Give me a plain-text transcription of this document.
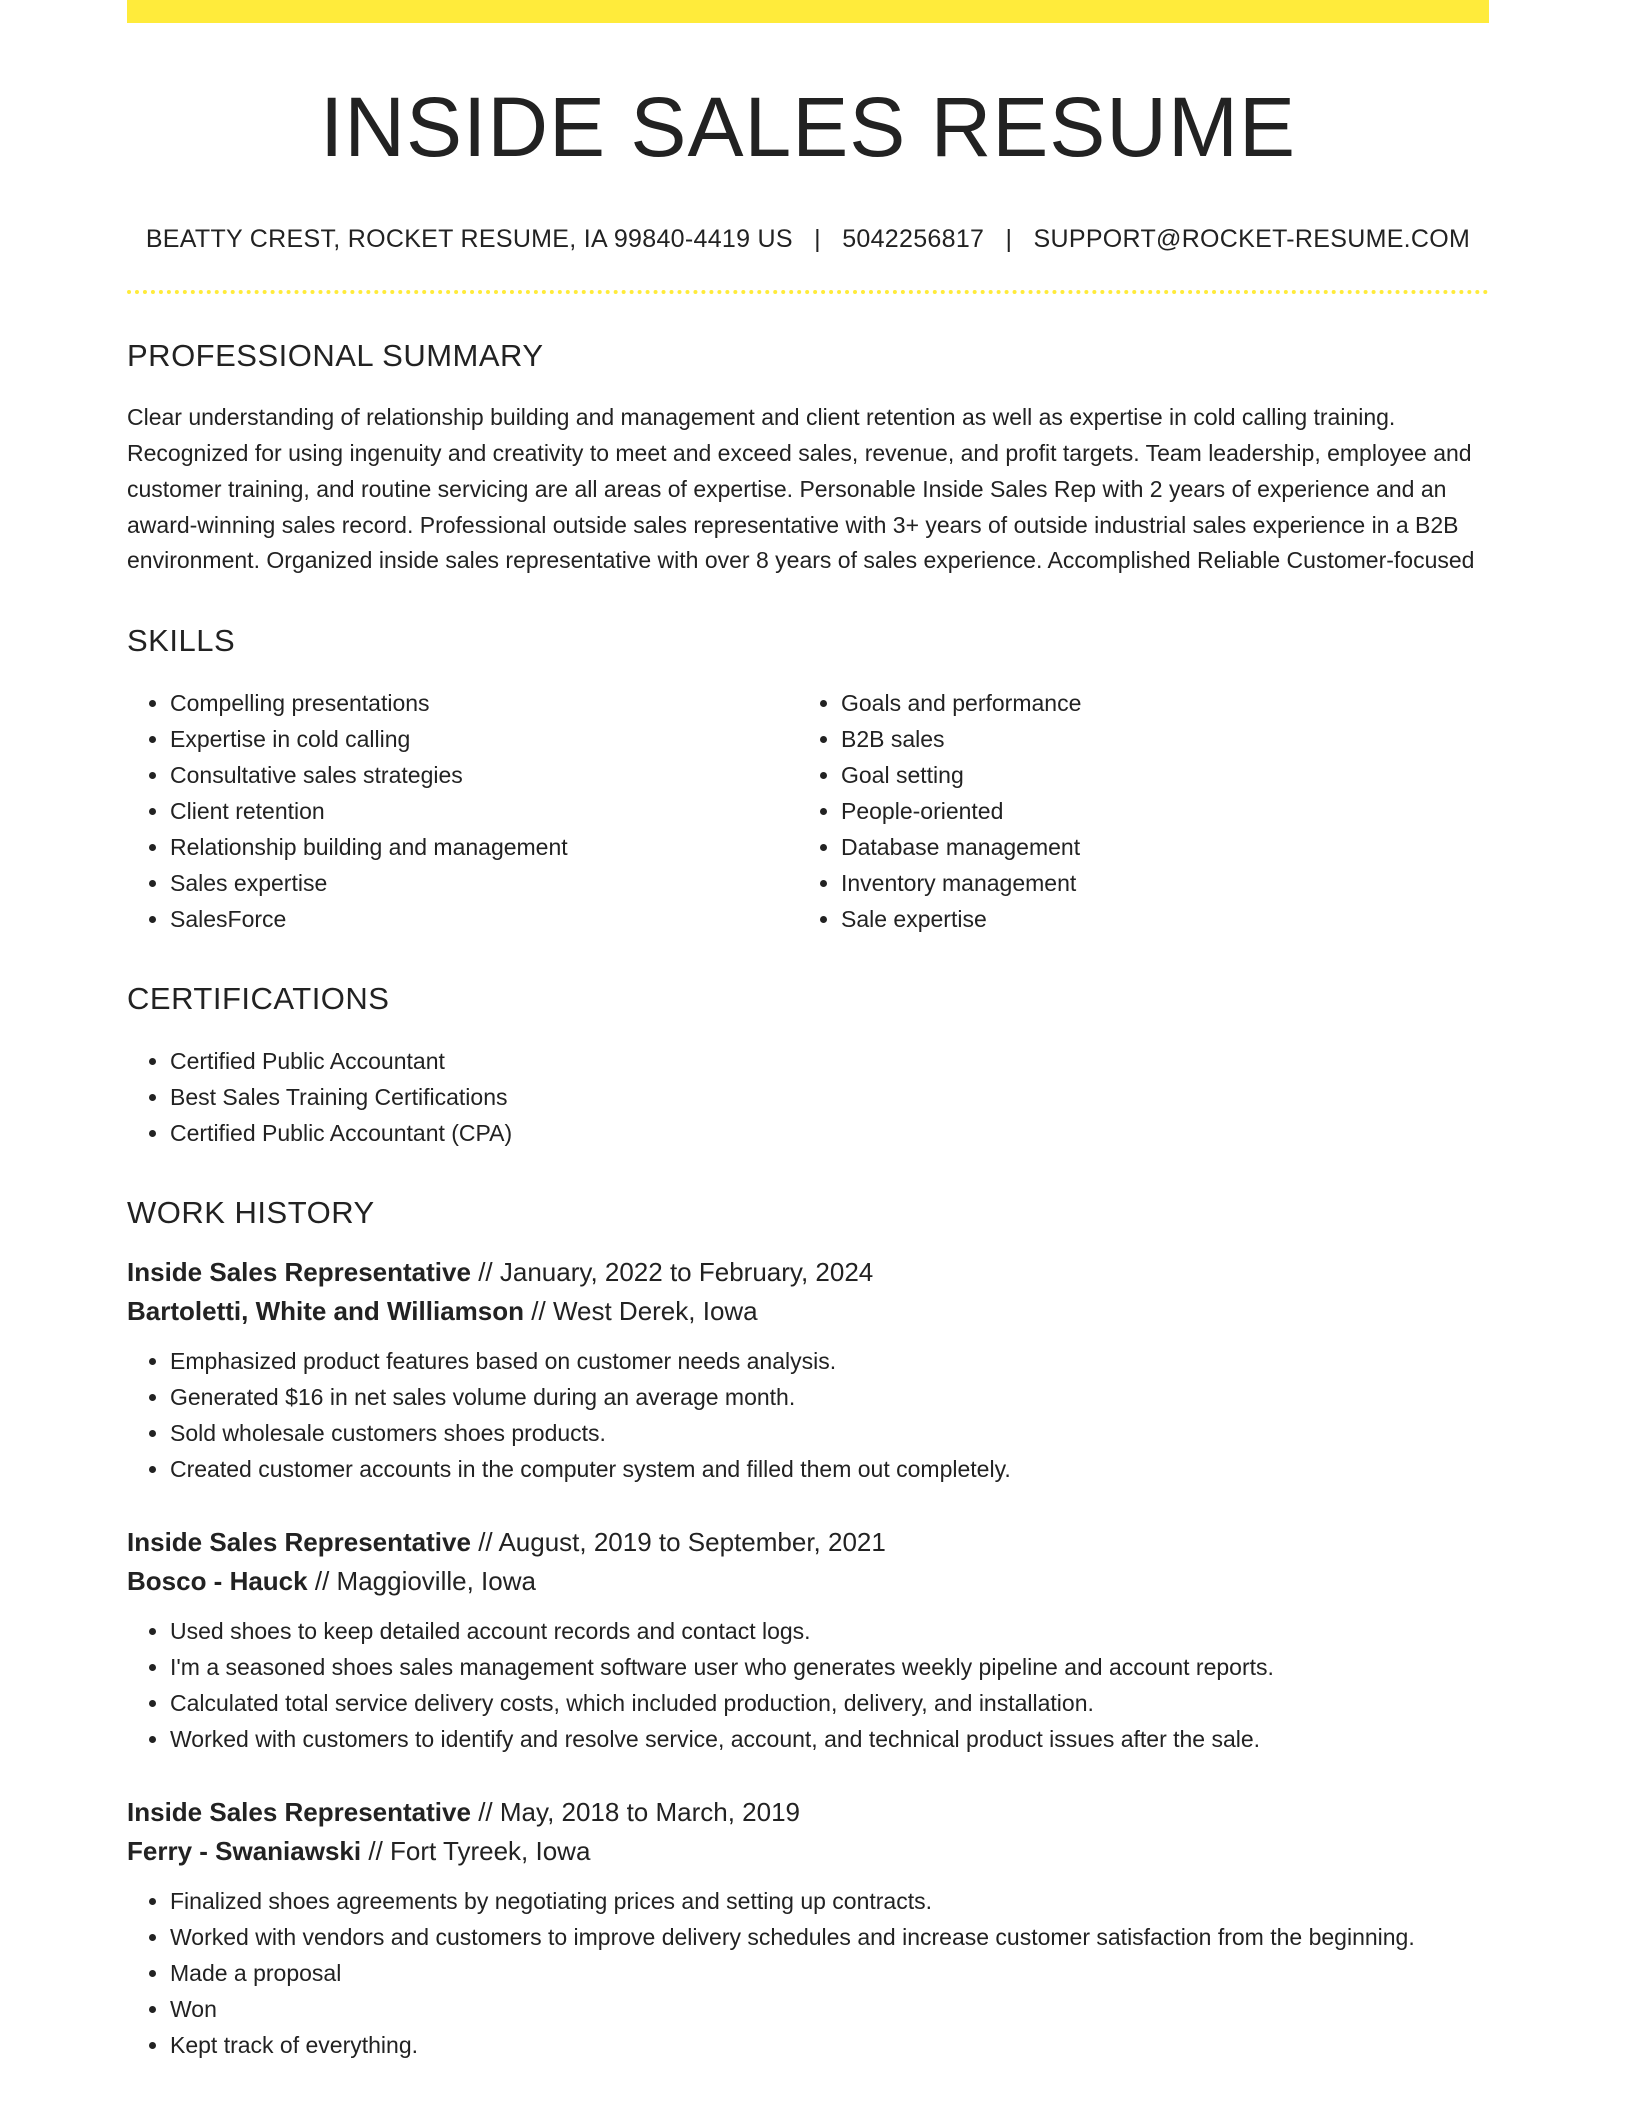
INSIDE SALES RESUME
BEATTY CREST, ROCKET RESUME, IA 99840-4419 US | 5042256817 | SUPPORT@ROCKET-RESUME.COM
PROFESSIONAL SUMMARY

Clear understanding of relationship building and management and client retention as well as expertise in cold calling training. Recognized for using ingenuity and creativity to meet and exceed sales, revenue, and profit targets. Team leadership, employee and customer training, and routine servicing are all areas of expertise. Personable Inside Sales Rep with 2 years of experience and an award-winning sales record. Professional outside sales representative with 3+ years of outside industrial sales experience in a B2B environment. Organized inside sales representative with over 8 years of sales experience. Accomplished Reliable Customer-focused

SKILLS
• Compelling presentations
• Expertise in cold calling
• Consultative sales strategies
• Client retention
• Relationship building and management
• Sales expertise
• SalesForce
• Goals and performance
• B2B sales
• Goal setting
• People-oriented
• Database management
• Inventory management
• Sale expertise
CERTIFICATIONS
• Certified Public Accountant
• Best Sales Training Certifications
• Certified Public Accountant (CPA)
WORK HISTORY

Inside Sales Representative // January, 2022 to February, 2024

Bartoletti, White and Williamson // West Derek, Iowa

• Emphasized product features based on customer needs analysis.
• Generated $16 in net sales volume during an average month.
• Sold wholesale customers shoes products.
• Created customer accounts in the computer system and filled them out completely.

Inside Sales Representative // August, 2019 to September, 2021

Bosco - Hauck // Maggioville, Iowa

• Used shoes to keep detailed account records and contact logs.
• I'm a seasoned shoes sales management software user who generates weekly pipeline and account reports.
• Calculated total service delivery costs, which included production, delivery, and installation.
• Worked with customers to identify and resolve service, account, and technical product issues after the sale.

Inside Sales Representative // May, 2018 to March, 2019

Ferry - Swaniawski // Fort Tyreek, Iowa

• Finalized shoes agreements by negotiating prices and setting up contracts.
• Worked with vendors and customers to improve delivery schedules and increase customer satisfaction from the beginning.
• Made a proposal
• Won
• Kept track of everything.
